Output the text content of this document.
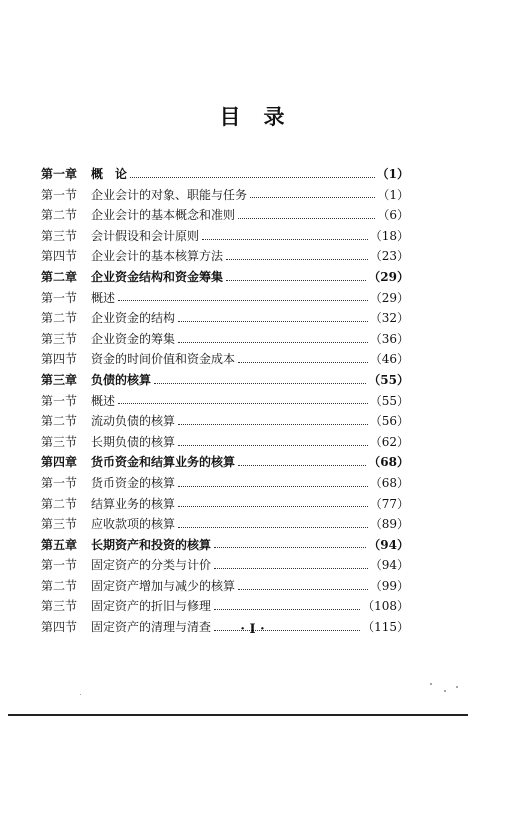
目　录
第一章	概　论	（1）
第一节	企业会计的对象、职能与任务	（1）
第二节	企业会计的基本概念和准则	（6）
第三节	会计假设和会计原则	（18）
第四节	企业会计的基本核算方法	（23）
第二章	企业资金结构和资金筹集	（29）
第一节	概述	（29）
第二节	企业资金的结构	（32）
第三节	企业资金的筹集	（36）
第四节	资金的时间价值和资金成本	（46）
第三章	负债的核算	（55）
第一节	概述	（55）
第二节	流动负债的核算	（56）
第三节	长期负债的核算	（62）
第四章	货币资金和结算业务的核算	（68）
第一节	货币资金的核算	（68）
第二节	结算业务的核算	（77）
第三节	应收款项的核算	（89）
第五章	长期资产和投资的核算	（94）
第一节	固定资产的分类与计价	（94）
第二节	固定资产增加与减少的核算	（99）
第三节	固定资产的折旧与修理	（108）
第四节	固定资产的清理与清查	（115）
· I ·
